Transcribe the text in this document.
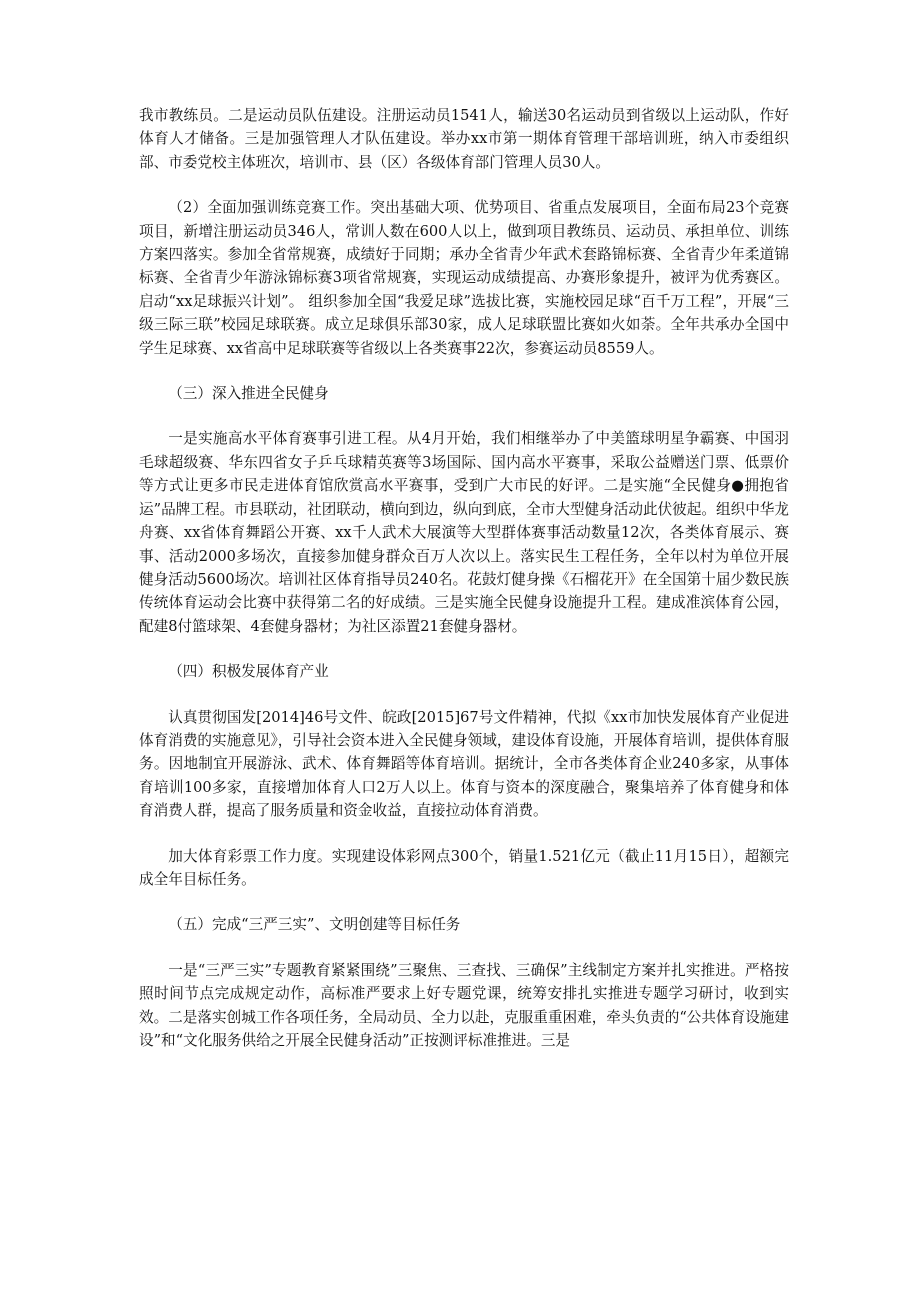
我市教练员。二是运动员队伍建设。注册运动员1541人，输送30名运动员到省级以上运动队，作好体育人才储备。三是加强管理人才队伍建设。举办xx市第一期体育管理干部培训班，纳入市委组织部、市委党校主体班次，培训市、县（区）各级体育部门管理人员30人。

（2）全面加强训练竞赛工作。突出基础大项、优势项目、省重点发展项目，全面布局23个竞赛项目，新增注册运动员346人，常训人数在600人以上，做到项目教练员、运动员、承担单位、训练方案四落实。参加全省常规赛，成绩好于同期；承办全省青少年武术套路锦标赛、全省青少年柔道锦标赛、全省青少年游泳锦标赛3项省常规赛，实现运动成绩提高、办赛形象提升，被评为优秀赛区。启动“xx足球振兴计划”。 组织参加全国“我爱足球”选拔比赛，实施校园足球“百千万工程”，开展“三级三际三联”校园足球联赛。成立足球俱乐部30家，成人足球联盟比赛如火如荼。全年共承办全国中学生足球赛、xx省高中足球联赛等省级以上各类赛事22次，参赛运动员8559人。

（三）深入推进全民健身

一是实施高水平体育赛事引进工程。从4月开始，我们相继举办了中美篮球明星争霸赛、中国羽毛球超级赛、华东四省女子乒乓球精英赛等3场国际、国内高水平赛事，采取公益赠送门票、低票价等方式让更多市民走进体育馆欣赏高水平赛事，受到广大市民的好评。二是实施“全民健身●拥抱省运”品牌工程。市县联动，社团联动，横向到边，纵向到底，全市大型健身活动此伏彼起。组织中华龙舟赛、xx省体育舞蹈公开赛、xx千人武术大展演等大型群体赛事活动数量12次，各类体育展示、赛事、活动2000多场次，直接参加健身群众百万人次以上。落实民生工程任务，全年以村为单位开展健身活动5600场次。培训社区体育指导员240名。花鼓灯健身操《石榴花开》在全国第十届少数民族传统体育运动会比赛中获得第二名的好成绩。三是实施全民健身设施提升工程。建成准滨体育公园，配建8付篮球架、4套健身器材；为社区添置21套健身器材。

（四）积极发展体育产业

认真贯彻国发[2014]46号文件、皖政[2015]67号文件精神，代拟《xx市加快发展体育产业促进体育消费的实施意见》，引导社会资本进入全民健身领域，建设体育设施，开展体育培训，提供体育服务。因地制宜开展游泳、武术、体育舞蹈等体育培训。据统计，全市各类体育企业240多家，从事体育培训100多家，直接增加体育人口2万人以上。体育与资本的深度融合，聚集培养了体育健身和体育消费人群，提高了服务质量和资金收益，直接拉动体育消费。

加大体育彩票工作力度。实现建设体彩网点300个，销量1.521亿元（截止11月15日），超额完成全年目标任务。

（五）完成“三严三实”、文明创建等目标任务

一是“三严三实”专题教育紧紧围绕”三聚焦、三查找、三确保”主线制定方案并扎实推进。严格按照时间节点完成规定动作，高标准严要求上好专题党课，统筹安排扎实推进专题学习研讨，收到实效。二是落实创城工作各项任务，全局动员、全力以赴，克服重重困难，牵头负责的“公共体育设施建设”和“文化服务供给之开展全民健身活动”正按测评标准推进。三是
